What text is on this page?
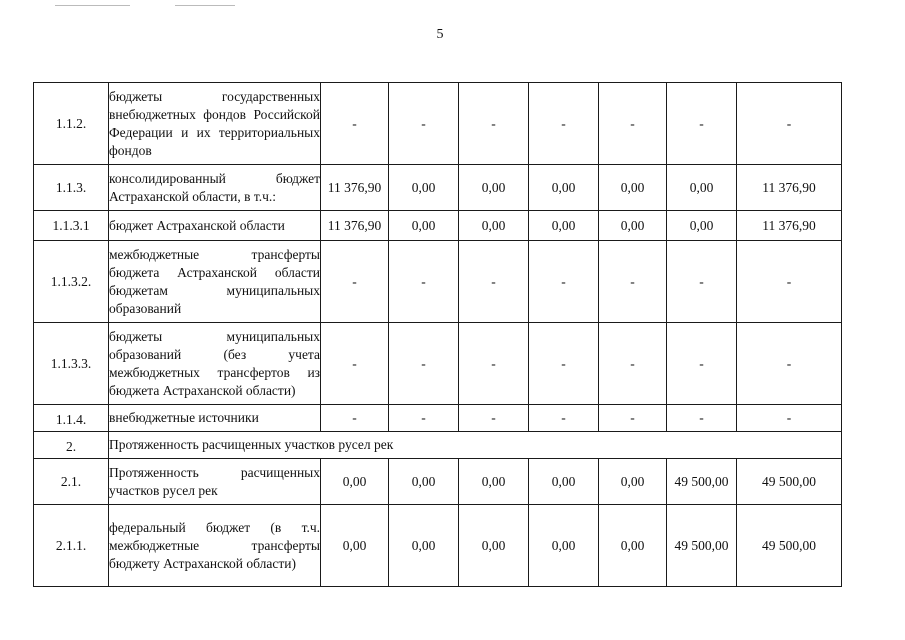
5
1.1.2.	бюджеты государственных внебюджетных фондов Российской Федерации и их территориальных фондов	-	-	-	-	-	-	-
1.1.3.	консолидированный бюджет Астраханской области, в т.ч.:	11 376,90	0,00	0,00	0,00	0,00	0,00	11 376,90
1.1.3.1	бюджет Астраханской области	11 376,90	0,00	0,00	0,00	0,00	0,00	11 376,90
1.1.3.2.	межбюджетные трансферты бюджета Астраханской области бюджетам муниципальных образований	-	-	-	-	-	-	-
1.1.3.3.	бюджеты муниципальных образований (без учета межбюджетных трансфертов из бюджета Астраханской области)	-	-	-	-	-	-	-
1.1.4.	внебюджетные источники	-	-	-	-	-	-	-
2.	Протяженность расчищенных участков русел рек							
2.1.	Протяженность расчищенных участков русел рек	0,00	0,00	0,00	0,00	0,00	49 500,00	49 500,00
2.1.1.	федеральный бюджет (в т.ч. межбюджетные трансферты бюджету Астраханской области)	0,00	0,00	0,00	0,00	0,00	49 500,00	49 500,00
